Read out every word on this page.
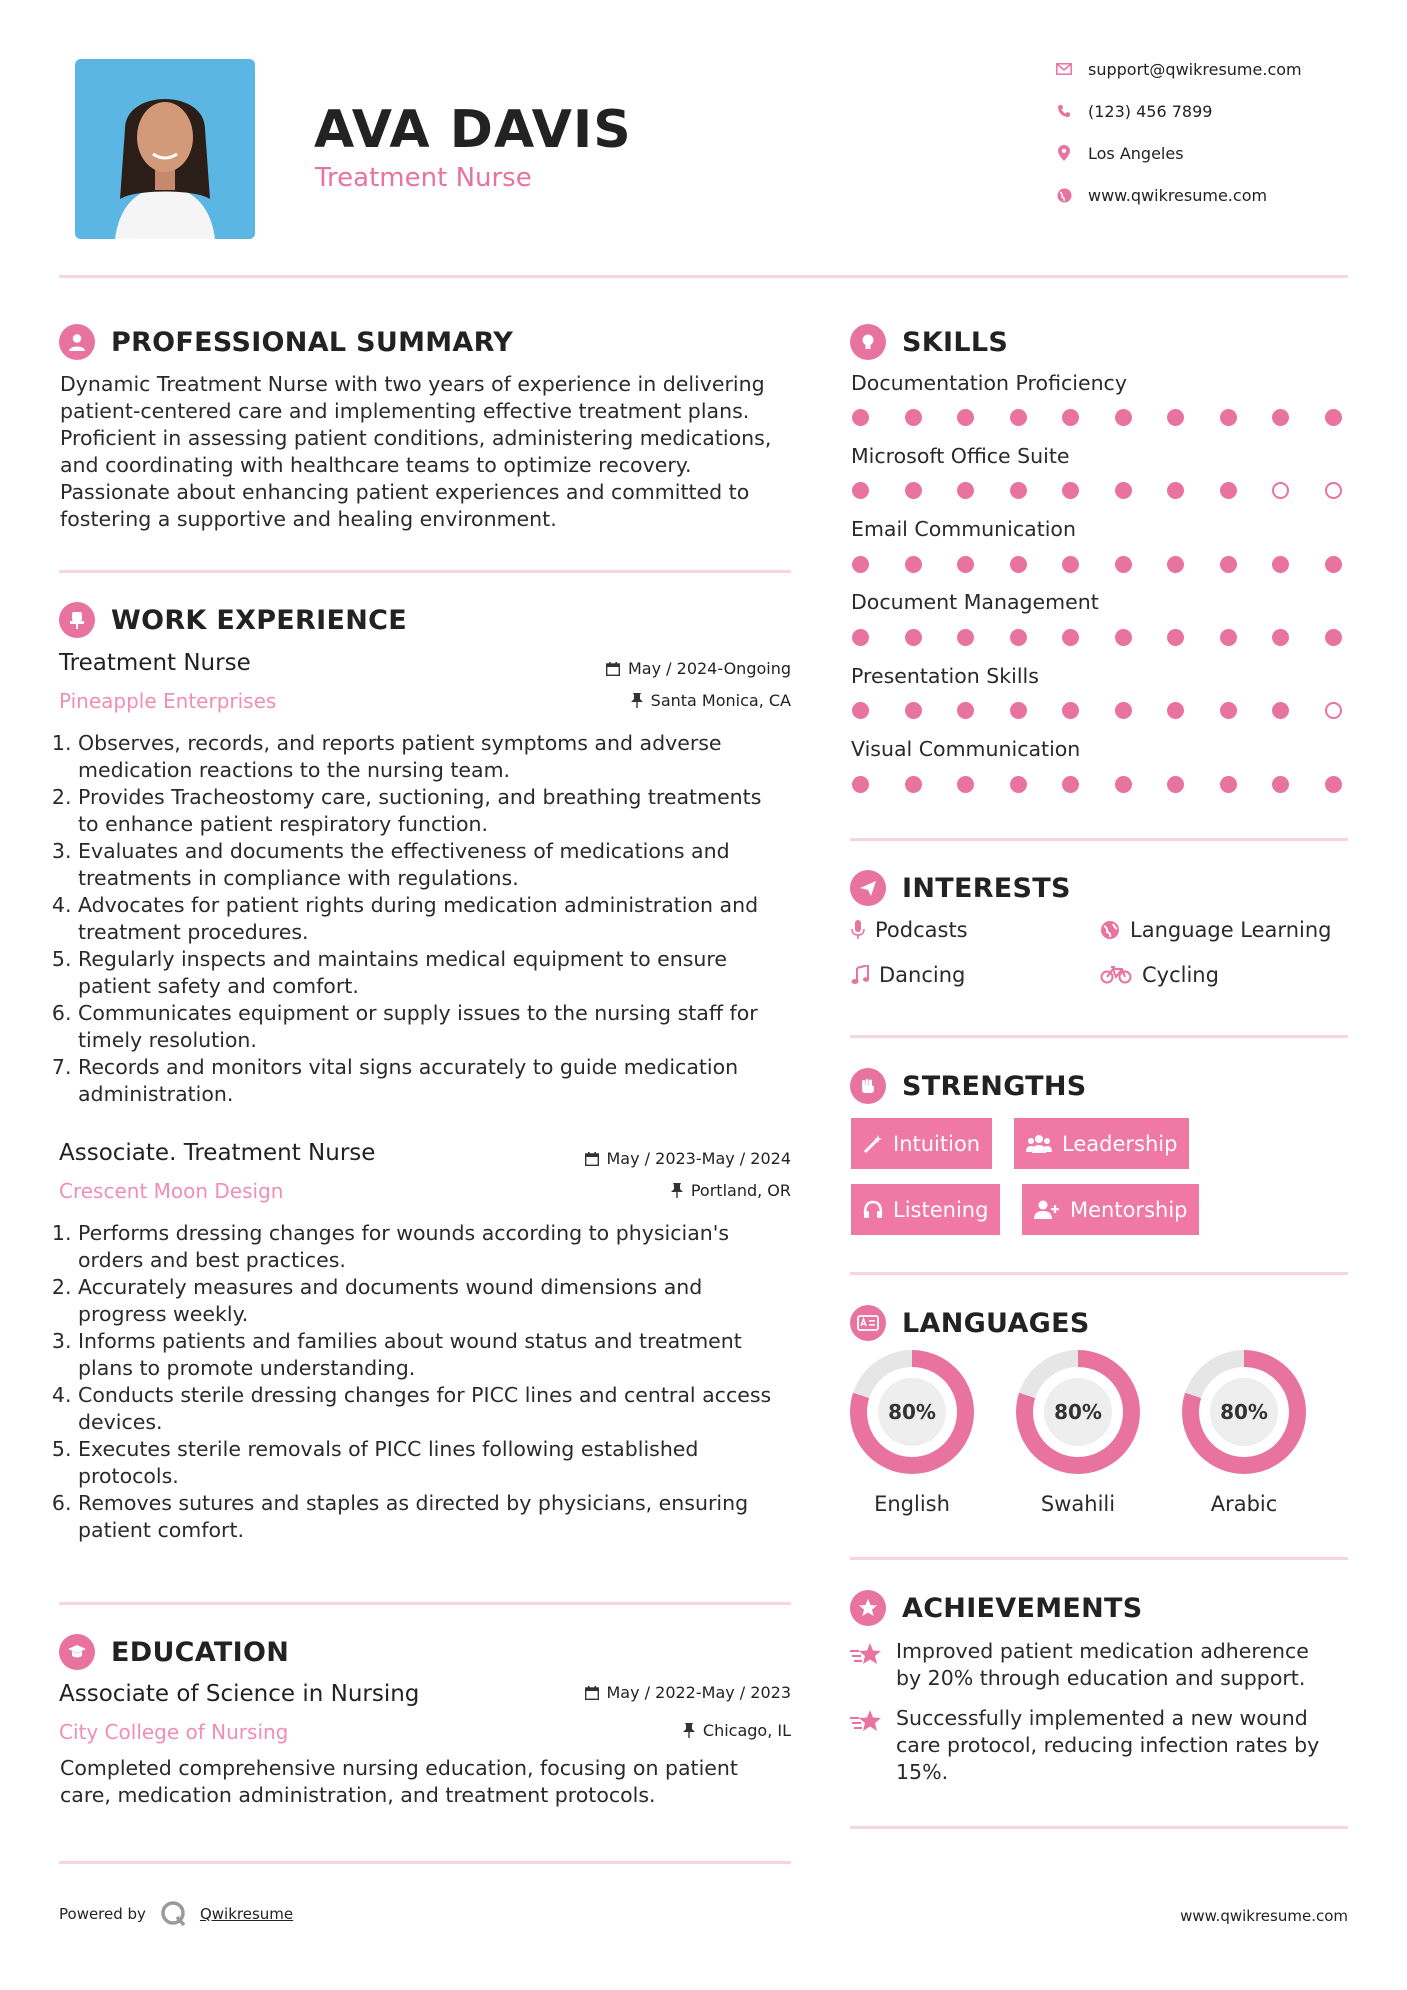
AVA DAVIS
Treatment Nurse
support@qwikresume.com
(123) 456 7899
Los Angeles
www.qwikresume.com
PROFESSIONAL SUMMARY
Dynamic Treatment Nurse with two years of experience in delivering
patient-centered care and implementing effective treatment plans.
Proficient in assessing patient conditions, administering medications,
and coordinating with healthcare teams to optimize recovery.
Passionate about enhancing patient experiences and committed to
fostering a supportive and healing environment.
WORK EXPERIENCE
Treatment Nurse
Pineapple Enterprises
May / 2024-Ongoing
Santa Monica, CA
1. Observes, records, and reports patient symptoms and adverse
medication reactions to the nursing team.
2. Provides Tracheostomy care, suctioning, and breathing treatments
to enhance patient respiratory function.
3. Evaluates and documents the effectiveness of medications and
treatments in compliance with regulations.
4. Advocates for patient rights during medication administration and
treatment procedures.
5. Regularly inspects and maintains medical equipment to ensure
patient safety and comfort.
6. Communicates equipment or supply issues to the nursing staff for
timely resolution.
7. Records and monitors vital signs accurately to guide medication
administration.
Associate. Treatment Nurse
Crescent Moon Design
May / 2023-May / 2024
Portland, OR
1. Performs dressing changes for wounds according to physician's
orders and best practices.
2. Accurately measures and documents wound dimensions and
progress weekly.
3. Informs patients and families about wound status and treatment
plans to promote understanding.
4. Conducts sterile dressing changes for PICC lines and central access
devices.
5. Executes sterile removals of PICC lines following established
protocols.
6. Removes sutures and staples as directed by physicians, ensuring
patient comfort.
EDUCATION
Associate of Science in Nursing
City College of Nursing
May / 2022-May / 2023
Chicago, IL
Completed comprehensive nursing education, focusing on patient
care, medication administration, and treatment protocols.
SKILLS
Documentation Proficiency
Microsoft Office Suite
Email Communication
Document Management
Presentation Skills
Visual Communication
INTERESTS
Podcasts	Language Learning
Dancing	Cycling
STRENGTHS
Intuition	Leadership
Listening	Mentorship
LANGUAGES
80%
English
80%
Swahili
80%
Arabic
ACHIEVEMENTS
Improved patient medication adherence
by 20% through education and support.
Successfully implemented a new wound
care protocol, reducing infection rates by
15%.
Powered by	Qwikresume	www.qwikresume.com
